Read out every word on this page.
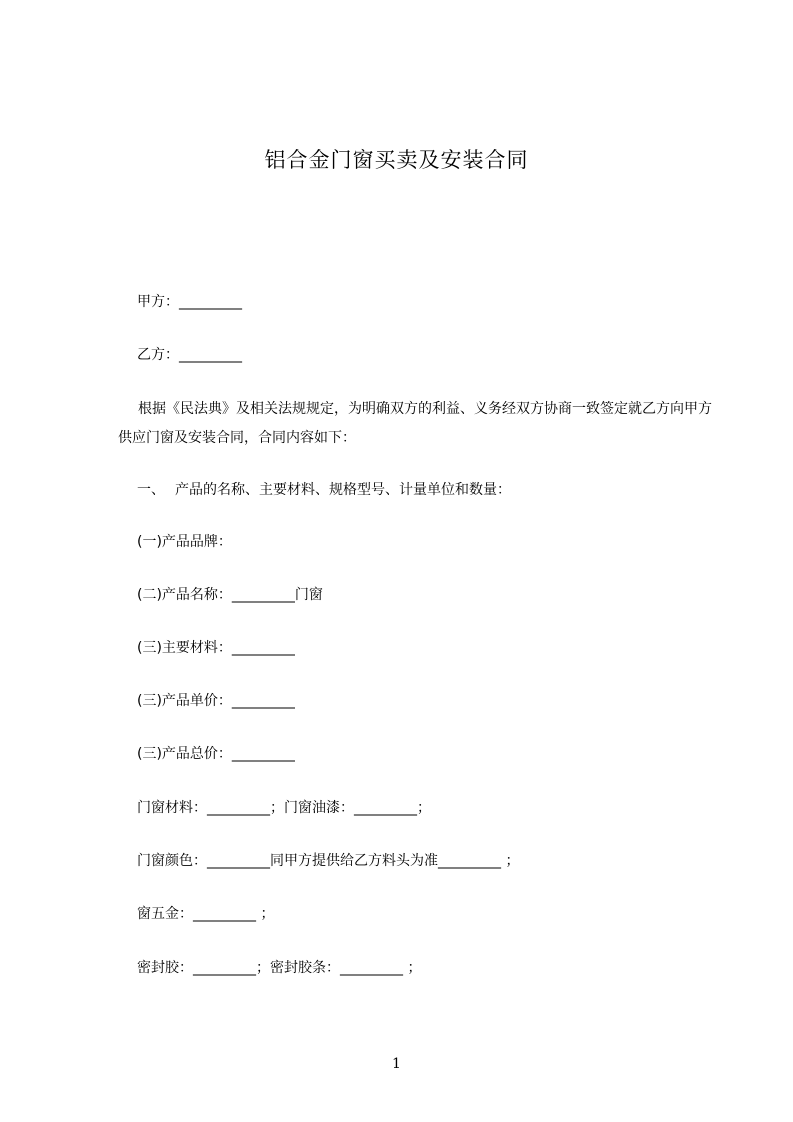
铝合金门窗买卖及安装合同
甲方：_________
乙方：_________
根据《民法典》及相关法规规定，为明确双方的利益、义务经双方协商一致签定就乙方向甲方供应门窗及安装合同，合同内容如下：
一、 产品的名称、主要材料、规格型号、计量单位和数量：
(一)产品品牌：
(二)产品名称：_________门窗
(三)主要材料：_________
(三)产品单价：_________
(三)产品总价：_________
门窗材料：_________；门窗油漆：_________；
门窗颜色：_________同甲方提供给乙方料头为准_________ ；
窗五金：_________ ；
密封胶：_________；密封胶条：_________ ；
1
